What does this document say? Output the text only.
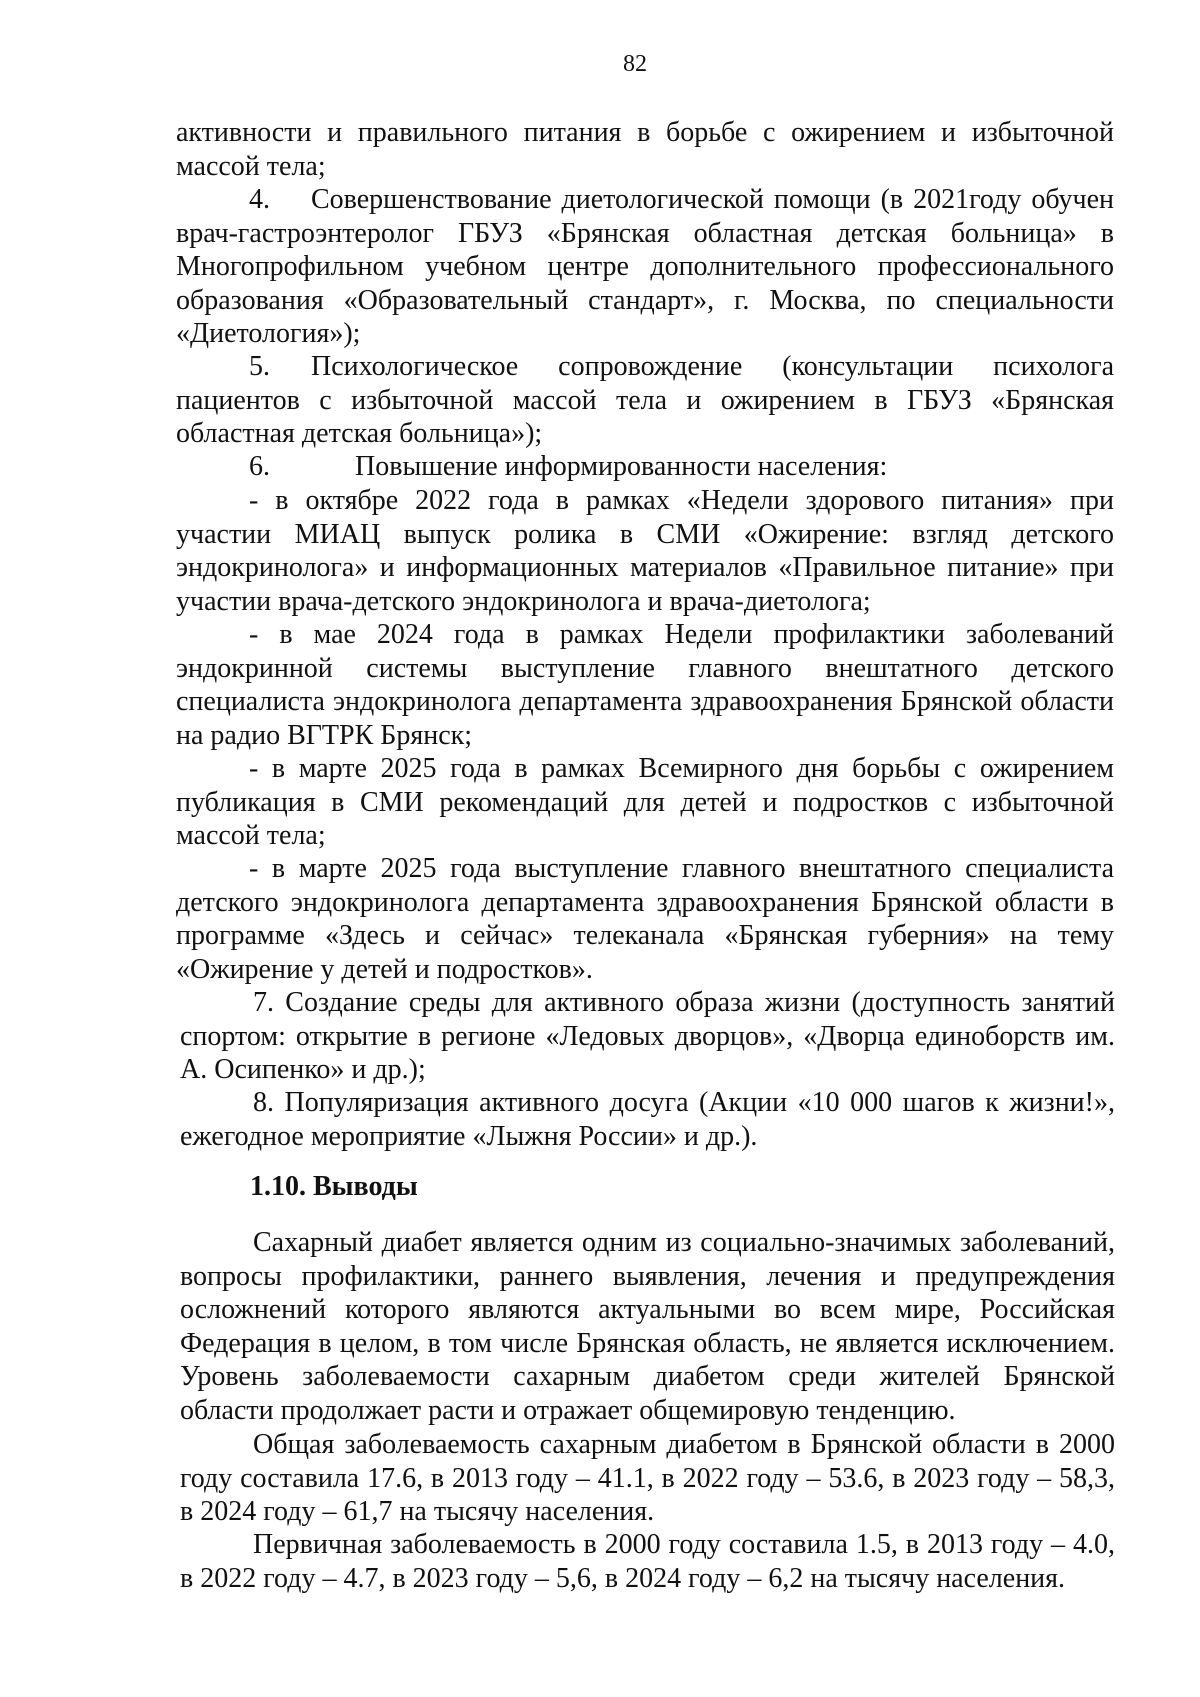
82

активности и правильного питания в борьбе с ожирением и избыточной массой тела;

4. Совершенствование диетологической помощи (в 2021году обучен врач-гастроэнтеролог ГБУЗ «Брянская областная детская больница» в Многопрофильном учебном центре дополнительного профессионального образования «Образовательный стандарт», г. Москва, по специальности «Диетология»);

5. Психологическое сопровождение (консультации психолога пациентов с избыточной массой тела и ожирением в ГБУЗ «Брянская областная детская больница»);

6.	Повышение информированности населения:

- в октябре 2022 года в рамках «Недели здорового питания» при участии МИАЦ выпуск ролика в СМИ «Ожирение: взгляд детского эндокринолога» и информационных материалов «Правильное питание» при участии врача-детского эндокринолога и врача-диетолога;

- в мае 2024 года в рамках Недели профилактики заболеваний эндокринной системы выступление главного внештатного детского специалиста эндокринолога департамента здравоохранения Брянской области на радио ВГТРК Брянск;

- в марте 2025 года в рамках Всемирного дня борьбы с ожирением публикация в СМИ рекомендаций для детей и подростков с избыточной массой тела;

- в марте 2025 года выступление главного внештатного специалиста детского эндокринолога департамента здравоохранения Брянской области в программе «Здесь и сейчас» телеканала «Брянская губерния» на тему «Ожирение у детей и подростков».

7. Создание среды для активного образа жизни (доступность занятий спортом: открытие в регионе «Ледовых дворцов», «Дворца единоборств им. А. Осипенко» и др.);

8. Популяризация активного досуга (Акции «10 000 шагов к жизни!», ежегодное мероприятие «Лыжня России» и др.).

1.10. Выводы

Сахарный диабет является одним из социально-значимых заболеваний, вопросы профилактики, раннего выявления, лечения и предупреждения осложнений которого являются актуальными во всем мире, Российская Федерация в целом, в том числе Брянская область, не является исключением. Уровень заболеваемости сахарным диабетом среди жителей Брянской области продолжает расти и отражает общемировую тенденцию.

Общая заболеваемость сахарным диабетом в Брянской области в 2000 году составила 17.6, в 2013 году – 41.1, в 2022 году – 53.6, в 2023 году – 58,3, в 2024 году – 61,7 на тысячу населения.

Первичная заболеваемость в 2000 году составила 1.5, в 2013 году – 4.0, в 2022 году – 4.7, в 2023 году – 5,6, в 2024 году – 6,2 на тысячу населения.
